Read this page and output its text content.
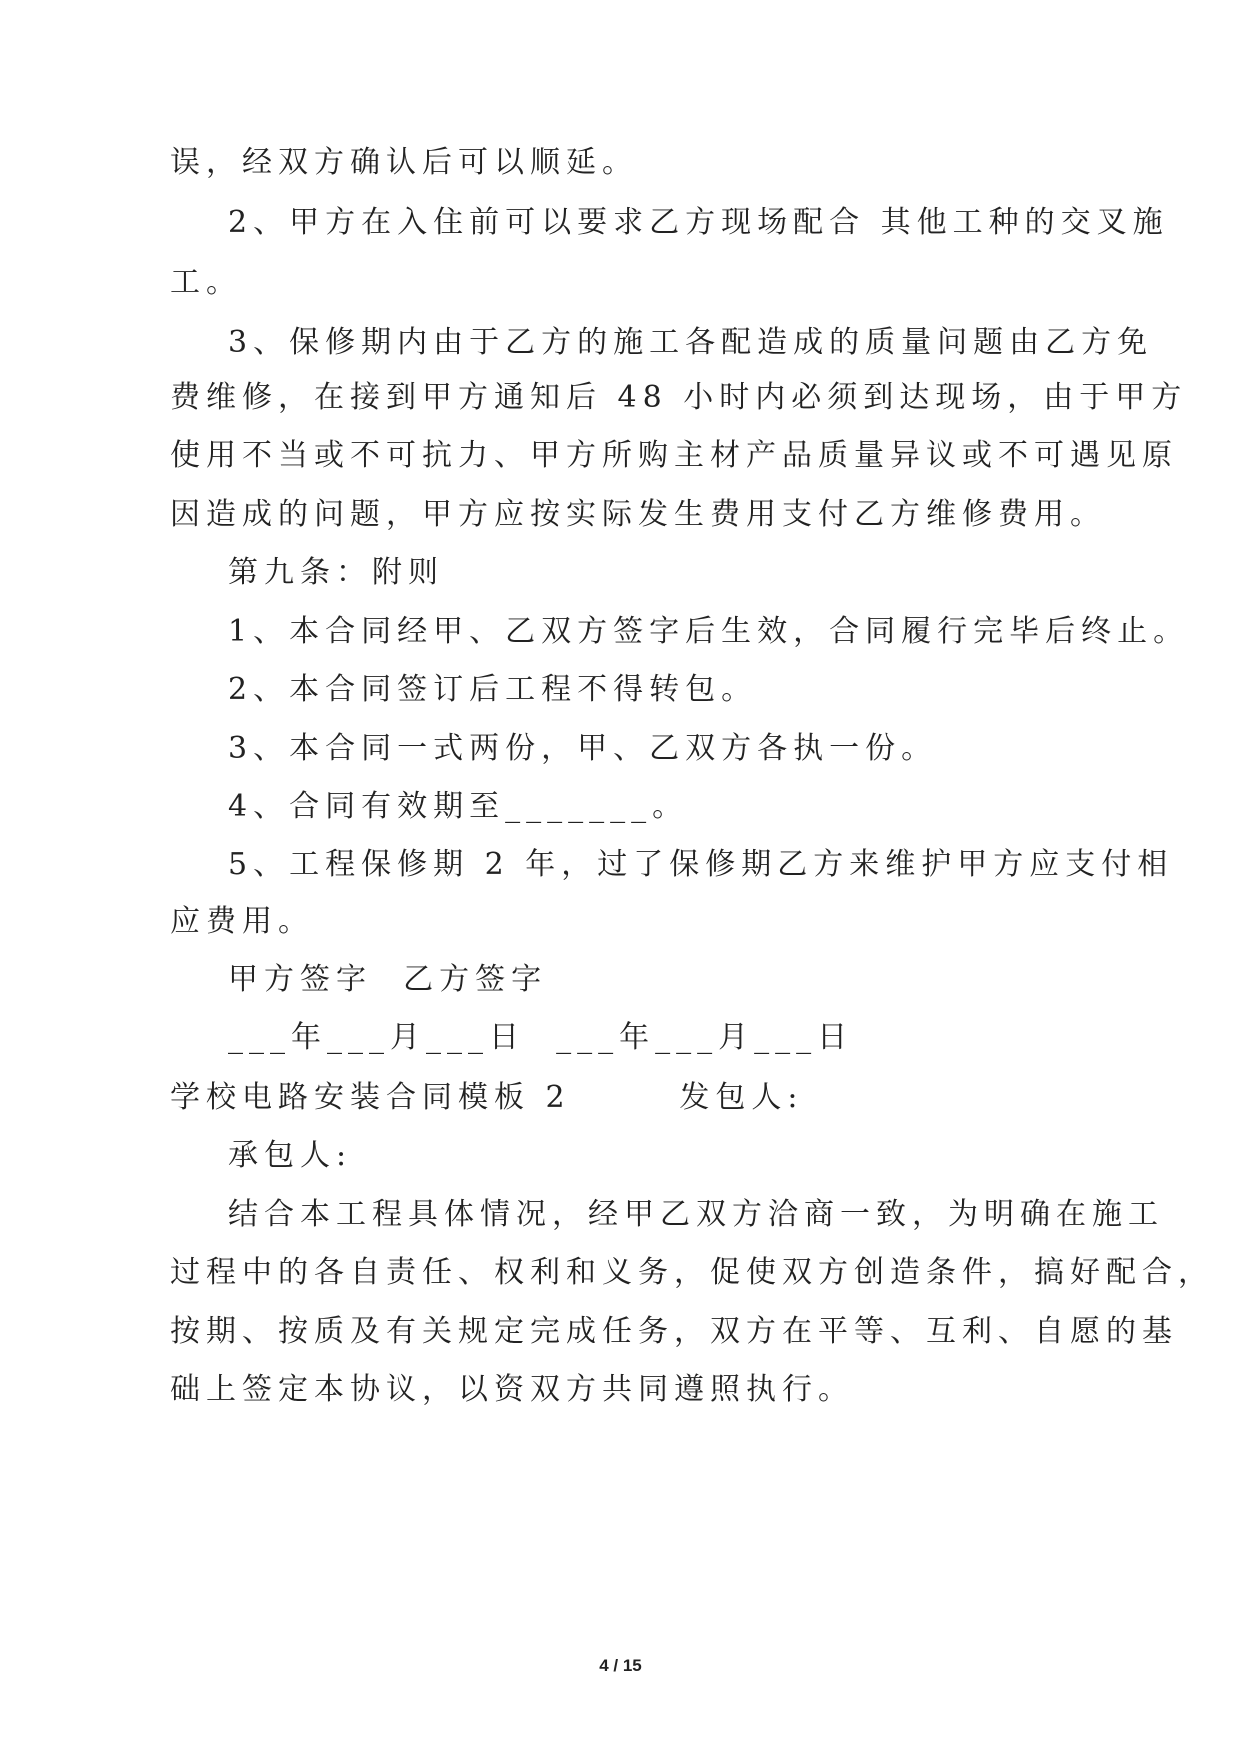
误，经双方确认后可以顺延。
2、甲方在入住前可以要求乙方现场配合 其他工种的交叉施
工。
3、保修期内由于乙方的施工各配造成的质量问题由乙方免
费维修，在接到甲方通知后 48 小时内必须到达现场，由于甲方
使用不当或不可抗力、甲方所购主材产品质量异议或不可遇见原
因造成的问题，甲方应按实际发生费用支付乙方维修费用。
第九条：附则
1、本合同经甲、乙双方签字后生效，合同履行完毕后终止。
2、本合同签订后工程不得转包。
3、本合同一式两份，甲、乙双方各执一份。
4、合同有效期至_______。
5、工程保修期 2 年，过了保修期乙方来维护甲方应支付相
应费用。
甲方签字  乙方签字
___年___月___日  ___年___月___日
学校电路安装合同模板 2       发包人:
承包人:
结合本工程具体情况，经甲乙双方洽商一致，为明确在施工
过程中的各自责任、权利和义务，促使双方创造条件，搞好配合，
按期、按质及有关规定完成任务，双方在平等、互利、自愿的基
础上签定本协议，以资双方共同遵照执行。
4 / 15
